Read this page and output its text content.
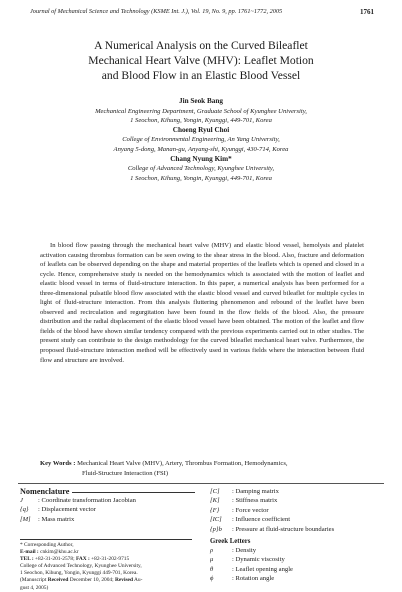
Journal of Mechanical Science and Technology (KSME Int. J.), Vol. 19, No. 9, pp. 1761~1772, 2005	1761
A Numerical Analysis on the Curved Bileaflet
Mechanical Heart Valve (MHV): Leaflet Motion
and Blood Flow in an Elastic Blood Vessel
Jin Seok Bang
Mechanical Engineering Department, Graduate School of Kyunghee University,
1 Seochon, Kihung, Yongin, Kyunggi, 449-701, Korea
Choeng Ryul Choi
College of Environmental Engineering, An Yang University,
Anyang 5-dong, Manan-gu, Anyang-shi, Kyunggi, 430-714, Korea
Chang Nyung Kim*
College of Advanced Technology, Kyunghee University,
1 Seochon, Kihung, Yongin, Kyunggi, 449-701, Korea
In blood flow passing through the mechanical heart valve (MHV) and elastic blood vessel, hemolysis and platelet activation causing thrombus formation can be seen owing to the shear stress in the blood. Also, fracture and deformation of leaflets can be observed depending on the shape and material properties of the leaflets which is opened and closed in a cycle. Hence, comprehensive study is needed on the hemodynamics which is associated with the motion of leaflet and elastic blood vessel in terms of fluid-structure interaction. In this paper, a numerical analysis has been performed for a three-dimensional pulsatile blood flow associated with the elastic blood vessel and curved bileaflet for multiple cycles in light of fluid-structure interaction. From this analysis fluttering phenomenon and rebound of the leaflet have been observed and recirculation and regurgitation have been found in the flow fields of the blood. Also, the pressure distribution and the radial displacement of the elastic blood vessel have been obtained. The motion of the leaflet and flow fields of the blood have shown similar tendency compared with the previous experiments carried out in other studies. The present study can contribute to the design methodology for the curved bileaflet mechanical heart valve. Furthermore, the proposed fluid-structure interaction method will be effectively used in various fields where the interaction between fluid flow and structure are involved.
Key Words : Mechanical Heart Valve (MHV), Artery, Thrombus Formation, Hemodynamics,
Fluid-Structure Interaction (FSI)
Nomenclature
J	: Coordinate transformation Jacobian
{q}	: Displacement vector
[M]	: Mass matrix
* Corresponding Author,
E-mail : cnkim@khu.ac.kr
TEL : +82-31-201-2578; FAX : +82-31-202-9715
College of Advanced Technology, Kyunghee University,
1 Seochon, Kihung, Yongin, Kyunggi 449-701, Korea.
(Manuscript Received December 10, 2004; Revised Au-
gust 4, 2005)
[C]	: Damping matrix
[K]	: Stiffness matrix
{F}	: Force vector
[IC]	: Influence coefficient
{p}b	: Pressure at fluid-structure boundaries
Greek Letters
ρ	: Density
μ	: Dynamic viscosity
θ	: Leaflet opening angle
ϕ	: Rotation angle
